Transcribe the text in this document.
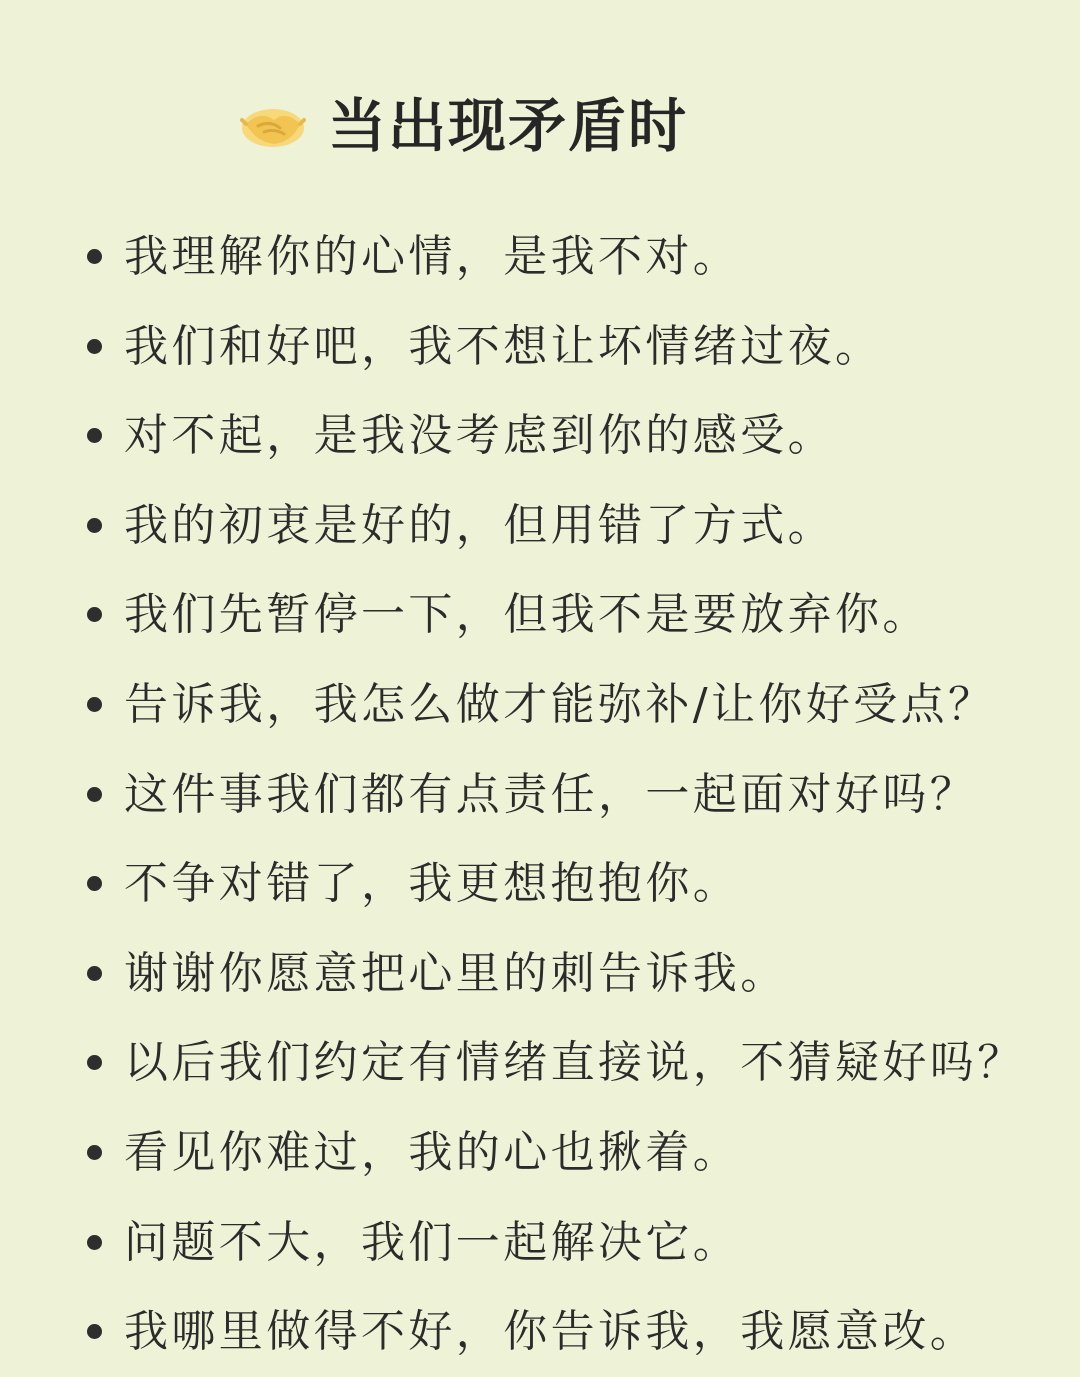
当出现矛盾时
我理解你的心情，是我不对。
我们和好吧，我不想让坏情绪过夜。
对不起，是我没考虑到你的感受。
我的初衷是好的，但用错了方式。
我们先暂停一下，但我不是要放弃你。
告诉我，我怎么做才能弥补/让你好受点？
这件事我们都有点责任，一起面对好吗？
不争对错了，我更想抱抱你。
谢谢你愿意把心里的刺告诉我。
以后我们约定有情绪直接说，不猜疑好吗？
看见你难过，我的心也揪着。
问题不大，我们一起解决它。
我哪里做得不好，你告诉我，我愿意改。
